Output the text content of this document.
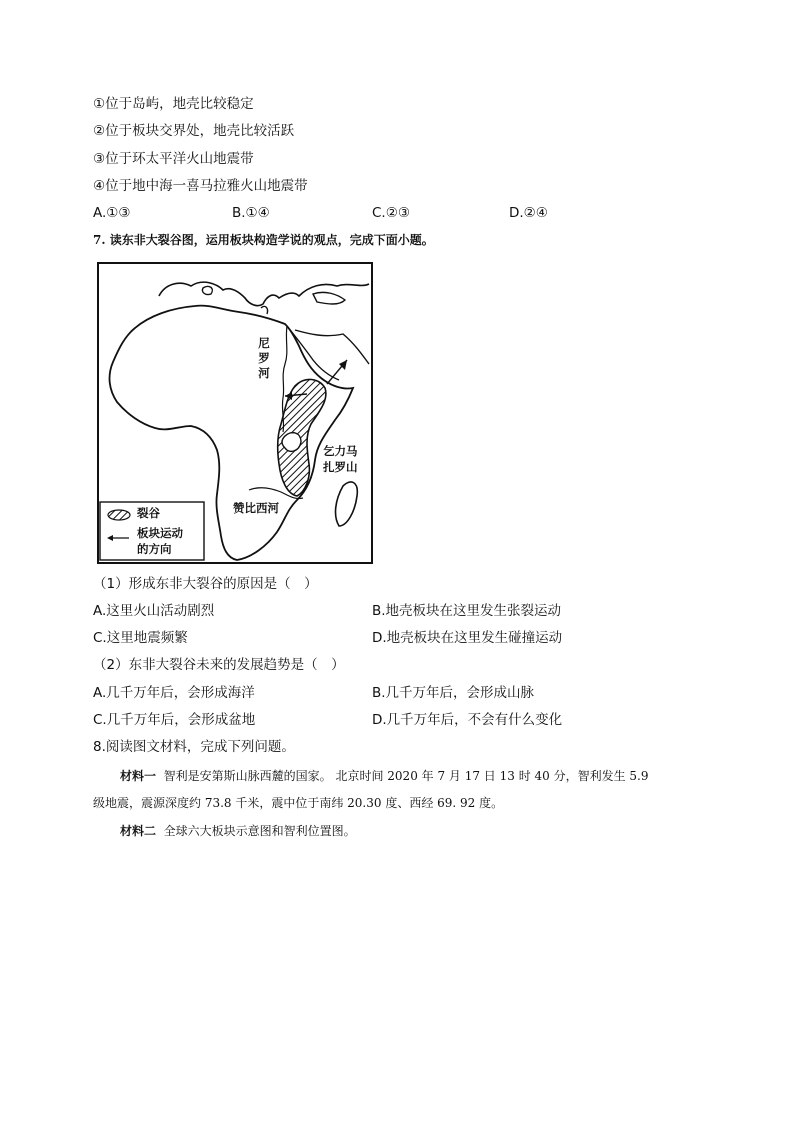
①位于岛屿，地壳比较稳定
②位于板块交界处，地壳比较活跃
③位于环太平洋火山地震带
④位于地中海一喜马拉雅火山地震带
A.①③	B.①④	C.②③	D.②④
7. 读东非大裂谷图，运用板块构造学说的观点，完成下面小题。
尼罗河
乞力马
扎罗山
赞比西河
裂谷
板块运动
的方向
（1）形成东非大裂谷的原因是（　）
A.这里火山活动剧烈	B.地壳板块在这里发生张裂运动
C.这里地震频繁	D.地壳板块在这里发生碰撞运动
（2）东非大裂谷未来的发展趋势是（　）
A.几千万年后，会形成海洋	B.几千万年后，会形成山脉
C.几千万年后，会形成盆地	D.几千万年后，不会有什么变化
8.阅读图文材料，完成下列问题。
材料一 智利是安第斯山脉西麓的国家。 北京时间 2020 年 7 月 17 日 13 时 40 分，智利发生 5.9
级地震，震源深度约 73.8 千米，震中位于南纬 20.30 度、西经 69. 92 度。
材料二 全球六大板块示意图和智利位置图。
